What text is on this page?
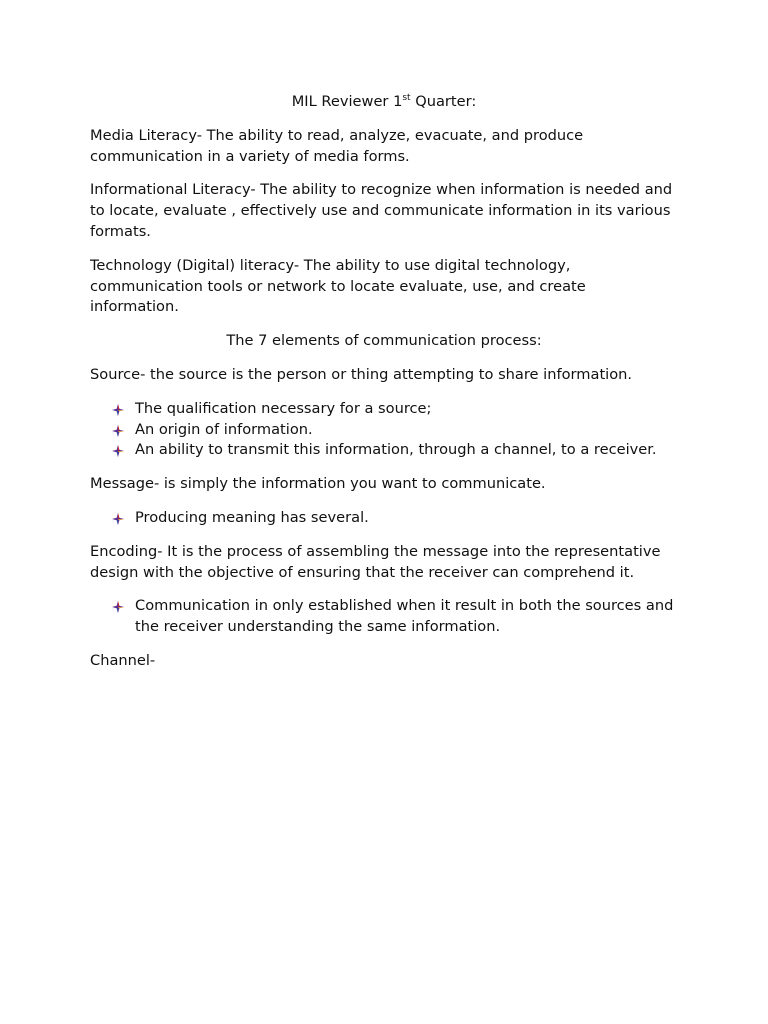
MIL Reviewer 1st Quarter:

Media Literacy- The ability to read, analyze, evacuate, and produce communication in a variety of media forms.

Informational Literacy- The ability to recognize when information is needed and to locate, evaluate , effectively use and communicate information in its various formats.

Technology (Digital) literacy- The ability to use digital technology, communication tools or network to locate evaluate, use, and create information.

The 7 elements of communication process:

Source- the source is the person or thing attempting to share information.

The qualification necessary for a source;
An origin of information.
An ability to transmit this information, through a channel, to a receiver.

Message- is simply the information you want to communicate.

Producing meaning has several.

Encoding- It is the process of assembling the message into the representative design with the objective of ensuring that the receiver can comprehend it.

Communication in only established when it result in both the sources and the receiver understanding the same information.

Channel-
